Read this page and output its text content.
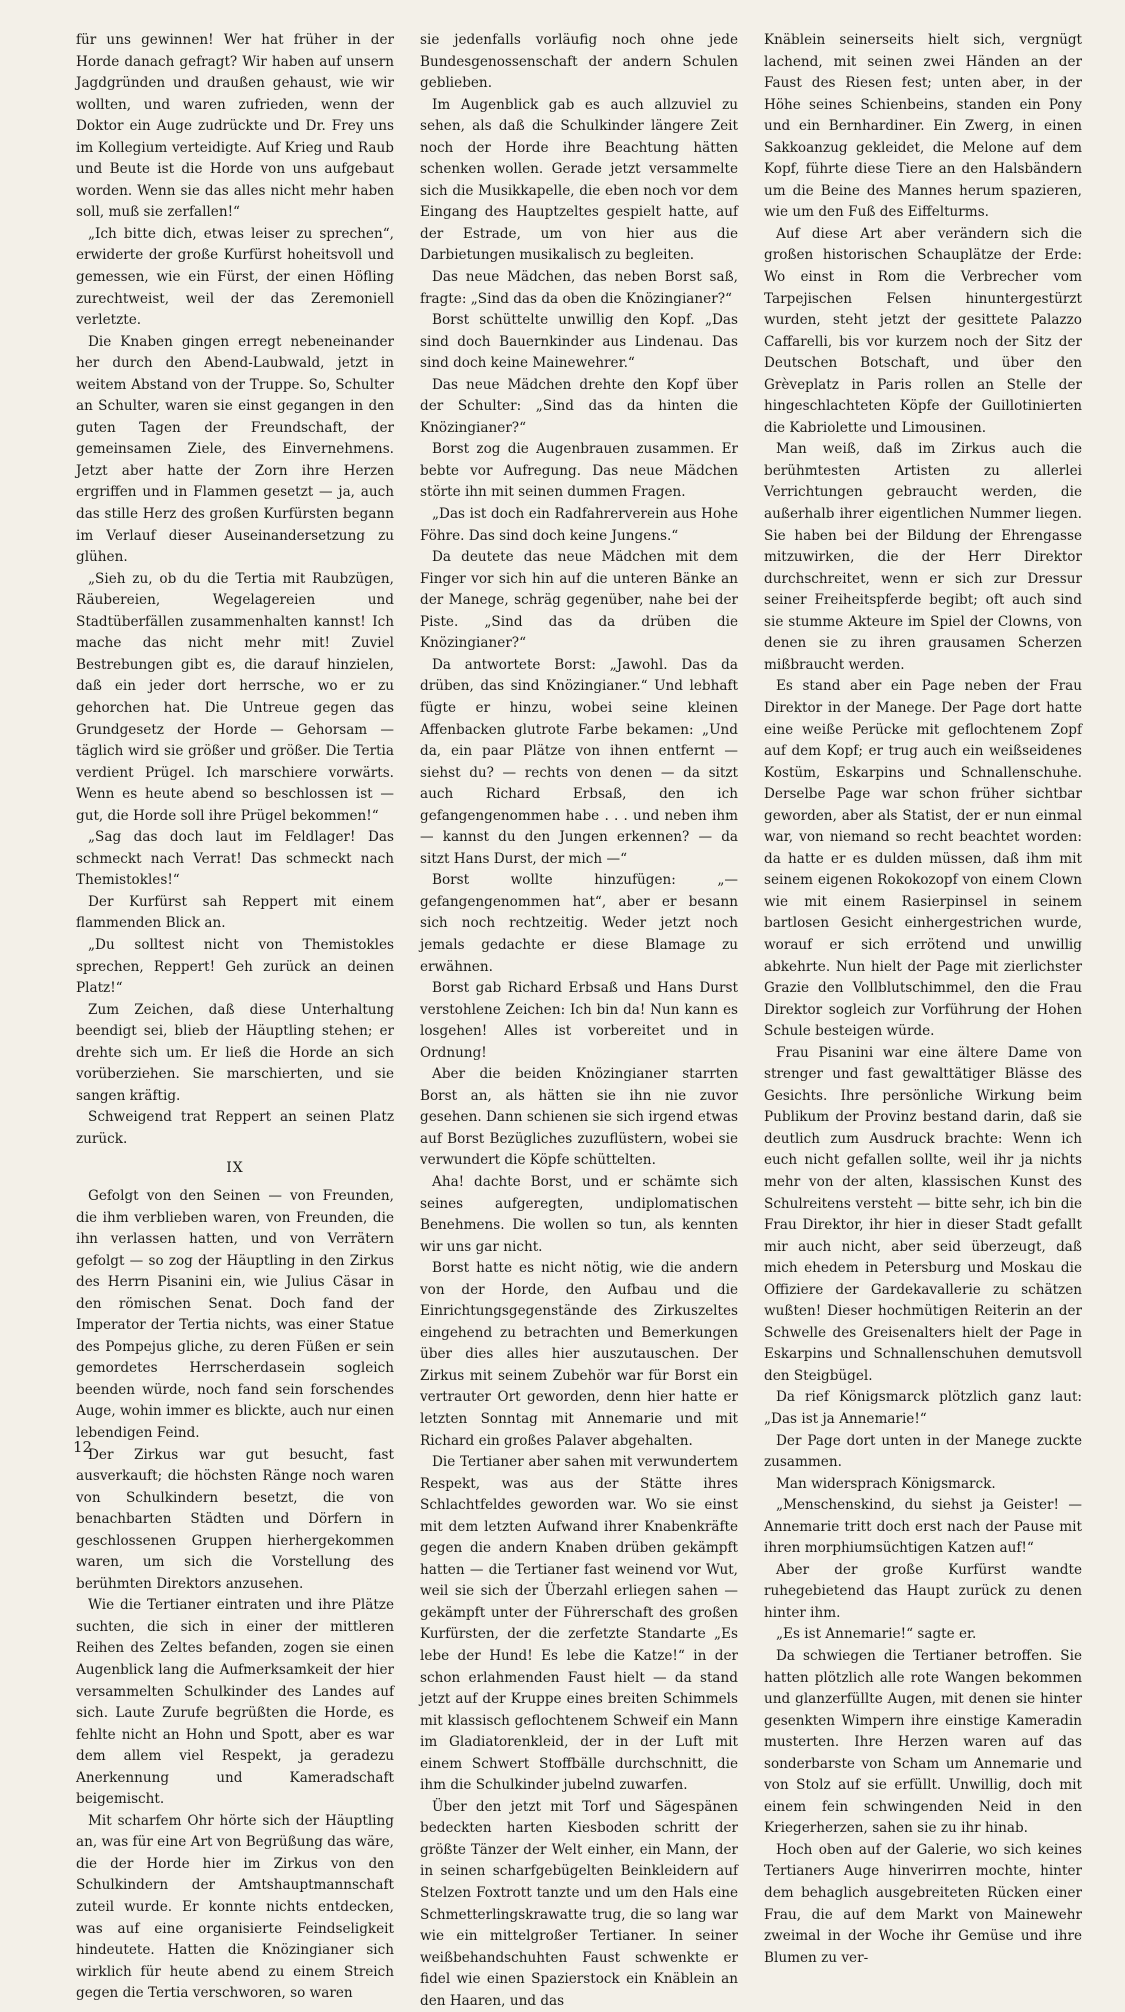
für uns gewinnen! Wer hat früher in der Horde danach gefragt? Wir haben auf unsern Jagdgründen und draußen gehaust, wie wir wollten, und waren zufrieden, wenn der Doktor ein Auge zudrückte und Dr. Frey uns im Kollegium verteidigte. Auf Krieg und Raub und Beute ist die Horde von uns aufgebaut worden. Wenn sie das alles nicht mehr haben soll, muß sie zerfallen!“

„Ich bitte dich, etwas leiser zu sprechen“, erwiderte der große Kurfürst hoheitsvoll und gemessen, wie ein Fürst, der einen Höfling zurechtweist, weil der das Zeremoniell verletzte.

Die Knaben gingen erregt nebeneinander her durch den Abend-Laubwald, jetzt in weitem Abstand von der Truppe. So, Schulter an Schulter, waren sie einst gegangen in den guten Tagen der Freundschaft, der gemeinsamen Ziele, des Einvernehmens. Jetzt aber hatte der Zorn ihre Herzen ergriffen und in Flammen gesetzt — ja, auch das stille Herz des großen Kurfürsten begann im Verlauf dieser Auseinandersetzung zu glühen.

„Sieh zu, ob du die Tertia mit Raubzügen, Räubereien, Wegelagereien und Stadtüberfällen zusammenhalten kannst! Ich mache das nicht mehr mit! Zuviel Bestrebungen gibt es, die darauf hinzielen, daß ein jeder dort herrsche, wo er zu gehorchen hat. Die Untreue gegen das Grundgesetz der Horde — Gehorsam — täglich wird sie größer und größer. Die Tertia verdient Prügel. Ich marschiere vorwärts. Wenn es heute abend so beschlossen ist — gut, die Horde soll ihre Prügel bekommen!“

„Sag das doch laut im Feldlager! Das schmeckt nach Verrat! Das schmeckt nach Themistokles!“

Der Kurfürst sah Reppert mit einem flammenden Blick an.

„Du solltest nicht von Themistokles sprechen, Reppert! Geh zurück an deinen Platz!“

Zum Zeichen, daß diese Unterhaltung beendigt sei, blieb der Häuptling stehen; er drehte sich um. Er ließ die Horde an sich vorüberziehen. Sie marschierten, und sie sangen kräftig.

Schweigend trat Reppert an seinen Platz zurück.

IX

Gefolgt von den Seinen — von Freunden, die ihm verblieben waren, von Freunden, die ihn verlassen hatten, und von Verrätern gefolgt — so zog der Häuptling in den Zirkus des Herrn Pisanini ein, wie Julius Cäsar in den römischen Senat. Doch fand der Imperator der Tertia nichts, was einer Statue des Pompejus gliche, zu deren Füßen er sein gemordetes Herrscherdasein sogleich beenden würde, noch fand sein forschendes Auge, wohin immer es blickte, auch nur einen lebendigen Feind.

Der Zirkus war gut besucht, fast ausverkauft; die höchsten Ränge noch waren von Schulkindern besetzt, die von benachbarten Städten und Dörfern in geschlossenen Gruppen hierhergekommen waren, um sich die Vorstellung des berühmten Direktors anzusehen.

Wie die Tertianer eintraten und ihre Plätze suchten, die sich in einer der mittleren Reihen des Zeltes befanden, zogen sie einen Augenblick lang die Aufmerksamkeit der hier versammelten Schulkinder des Landes auf sich. Laute Zurufe begrüßten die Horde, es fehlte nicht an Hohn und Spott, aber es war dem allem viel Respekt, ja geradezu Anerkennung und Kameradschaft beigemischt.

Mit scharfem Ohr hörte sich der Häuptling an, was für eine Art von Begrüßung das wäre, die der Horde hier im Zirkus von den Schulkindern der Amtshauptmannschaft zuteil wurde. Er konnte nichts entdecken, was auf eine organisierte Feindseligkeit hindeutete. Hatten die Knözingianer sich wirklich für heute abend zu einem Streich gegen die Tertia verschworen, so waren

sie jedenfalls vorläufig noch ohne jede Bundesgenossenschaft der andern Schulen geblieben.

Im Augenblick gab es auch allzuviel zu sehen, als daß die Schulkinder längere Zeit noch der Horde ihre Beachtung hätten schenken wollen. Gerade jetzt versammelte sich die Musikkapelle, die eben noch vor dem Eingang des Hauptzeltes gespielt hatte, auf der Estrade, um von hier aus die Darbietungen musikalisch zu begleiten.

Das neue Mädchen, das neben Borst saß, fragte: „Sind das da oben die Knözingianer?“

Borst schüttelte unwillig den Kopf. „Das sind doch Bauernkinder aus Lindenau. Das sind doch keine Mainewehrer.“

Das neue Mädchen drehte den Kopf über der Schulter: „Sind das da hinten die Knözingianer?“

Borst zog die Augenbrauen zusammen. Er bebte vor Aufregung. Das neue Mädchen störte ihn mit seinen dummen Fragen.

„Das ist doch ein Radfahrerverein aus Hohe Föhre. Das sind doch keine Jungens.“

Da deutete das neue Mädchen mit dem Finger vor sich hin auf die unteren Bänke an der Manege, schräg gegenüber, nahe bei der Piste. „Sind das da drüben die Knözingianer?“

Da antwortete Borst: „Jawohl. Das da drüben, das sind Knözingianer.“ Und lebhaft fügte er hinzu, wobei seine kleinen Affenbacken glutrote Farbe bekamen: „Und da, ein paar Plätze von ihnen entfernt — siehst du? — rechts von denen — da sitzt auch Richard Erbsaß, den ich gefangengenommen habe . . . und neben ihm — kannst du den Jungen erkennen? — da sitzt Hans Durst, der mich —“

Borst wollte hinzufügen: „— gefangengenommen hat“, aber er besann sich noch rechtzeitig. Weder jetzt noch jemals gedachte er diese Blamage zu erwähnen.

Borst gab Richard Erbsaß und Hans Durst verstohlene Zeichen: Ich bin da! Nun kann es losgehen! Alles ist vorbereitet und in Ordnung!

Aber die beiden Knözingianer starrten Borst an, als hätten sie ihn nie zuvor gesehen. Dann schienen sie sich irgend etwas auf Borst Bezügliches zuzuflüstern, wobei sie verwundert die Köpfe schüttelten.

Aha! dachte Borst, und er schämte sich seines aufgeregten, undiplomatischen Benehmens. Die wollen so tun, als kennten wir uns gar nicht.

Borst hatte es nicht nötig, wie die andern von der Horde, den Aufbau und die Einrichtungsgegenstände des Zirkuszeltes eingehend zu betrachten und Bemerkungen über dies alles hier auszutauschen. Der Zirkus mit seinem Zubehör war für Borst ein vertrauter Ort geworden, denn hier hatte er letzten Sonntag mit Annemarie und mit Richard ein großes Palaver abgehalten.

Die Tertianer aber sahen mit verwundertem Respekt, was aus der Stätte ihres Schlachtfeldes geworden war. Wo sie einst mit dem letzten Aufwand ihrer Knabenkräfte gegen die andern Knaben drüben gekämpft hatten — die Tertianer fast weinend vor Wut, weil sie sich der Überzahl erliegen sahen — gekämpft unter der Führerschaft des großen Kurfürsten, der die zerfetzte Standarte „Es lebe der Hund! Es lebe die Katze!“ in der schon erlahmenden Faust hielt — da stand jetzt auf der Kruppe eines breiten Schimmels mit klassisch geflochtenem Schweif ein Mann im Gladiatorenkleid, der in der Luft mit einem Schwert Stoffbälle durchschnitt, die ihm die Schulkinder jubelnd zuwarfen.

Über den jetzt mit Torf und Sägespänen bedeckten harten Kiesboden schritt der größte Tänzer der Welt einher, ein Mann, der in seinen scharfgebügelten Beinkleidern auf Stelzen Foxtrott tanzte und um den Hals eine Schmetterlingskrawatte trug, die so lang war wie ein mittelgroßer Tertianer. In seiner weißbehandschuhten Faust schwenkte er fidel wie einen Spazierstock ein Knäblein an den Haaren, und das

Knäblein seinerseits hielt sich, vergnügt lachend, mit seinen zwei Händen an der Faust des Riesen fest; unten aber, in der Höhe seines Schienbeins, standen ein Pony und ein Bernhardiner. Ein Zwerg, in einen Sakkoanzug gekleidet, die Melone auf dem Kopf, führte diese Tiere an den Halsbändern um die Beine des Mannes herum spazieren, wie um den Fuß des Eiffelturms.

Auf diese Art aber verändern sich die großen historischen Schauplätze der Erde: Wo einst in Rom die Verbrecher vom Tarpejischen Felsen hinuntergestürzt wurden, steht jetzt der gesittete Palazzo Caffarelli, bis vor kurzem noch der Sitz der Deutschen Botschaft, und über den Grèveplatz in Paris rollen an Stelle der hingeschlachteten Köpfe der Guillotinierten die Kabriolette und Limousinen.

Man weiß, daß im Zirkus auch die berühmtesten Artisten zu allerlei Verrichtungen gebraucht werden, die außerhalb ihrer eigentlichen Nummer liegen. Sie haben bei der Bildung der Ehrengasse mitzuwirken, die der Herr Direktor durchschreitet, wenn er sich zur Dressur seiner Freiheitspferde begibt; oft auch sind sie stumme Akteure im Spiel der Clowns, von denen sie zu ihren grausamen Scherzen mißbraucht werden.

Es stand aber ein Page neben der Frau Direktor in der Manege. Der Page dort hatte eine weiße Perücke mit geflochtenem Zopf auf dem Kopf; er trug auch ein weißseidenes Kostüm, Eskarpins und Schnallenschuhe. Derselbe Page war schon früher sichtbar geworden, aber als Statist, der er nun einmal war, von niemand so recht beachtet worden: da hatte er es dulden müssen, daß ihm mit seinem eigenen Rokokozopf von einem Clown wie mit einem Rasierpinsel in seinem bartlosen Gesicht einhergestrichen wurde, worauf er sich errötend und unwillig abkehrte. Nun hielt der Page mit zierlichster Grazie den Vollblutschimmel, den die Frau Direktor sogleich zur Vorführung der Hohen Schule besteigen würde.

Frau Pisanini war eine ältere Dame von strenger und fast gewalttätiger Blässe des Gesichts. Ihre persönliche Wirkung beim Publikum der Provinz bestand darin, daß sie deutlich zum Ausdruck brachte: Wenn ich euch nicht gefallen sollte, weil ihr ja nichts mehr von der alten, klassischen Kunst des Schulreitens versteht — bitte sehr, ich bin die Frau Direktor, ihr hier in dieser Stadt gefallt mir auch nicht, aber seid überzeugt, daß mich ehedem in Petersburg und Moskau die Offiziere der Gardekavallerie zu schätzen wußten! Dieser hochmütigen Reiterin an der Schwelle des Greisenalters hielt der Page in Eskarpins und Schnallenschuhen demutsvoll den Steigbügel.

Da rief Königsmarck plötzlich ganz laut: „Das ist ja Annemarie!“

Der Page dort unten in der Manege zuckte zusammen.

Man widersprach Königsmarck.

„Menschenskind, du siehst ja Geister! — Annemarie tritt doch erst nach der Pause mit ihren morphiumsüchtigen Katzen auf!“

Aber der große Kurfürst wandte ruhegebietend das Haupt zurück zu denen hinter ihm.

„Es ist Annemarie!“ sagte er.

Da schwiegen die Tertianer betroffen. Sie hatten plötzlich alle rote Wangen bekommen und glanzerfüllte Augen, mit denen sie hinter gesenkten Wimpern ihre einstige Kameradin musterten. Ihre Herzen waren auf das sonderbarste von Scham um Annemarie und von Stolz auf sie erfüllt. Unwillig, doch mit einem fein schwingenden Neid in den Kriegerherzen, sahen sie zu ihr hinab.

Hoch oben auf der Galerie, wo sich keines Tertianers Auge hinverirren mochte, hinter dem behaglich ausgebreiteten Rücken einer Frau, die auf dem Markt von Mainewehr zweimal in der Woche ihr Gemüse und ihre Blumen zu ver-

12
